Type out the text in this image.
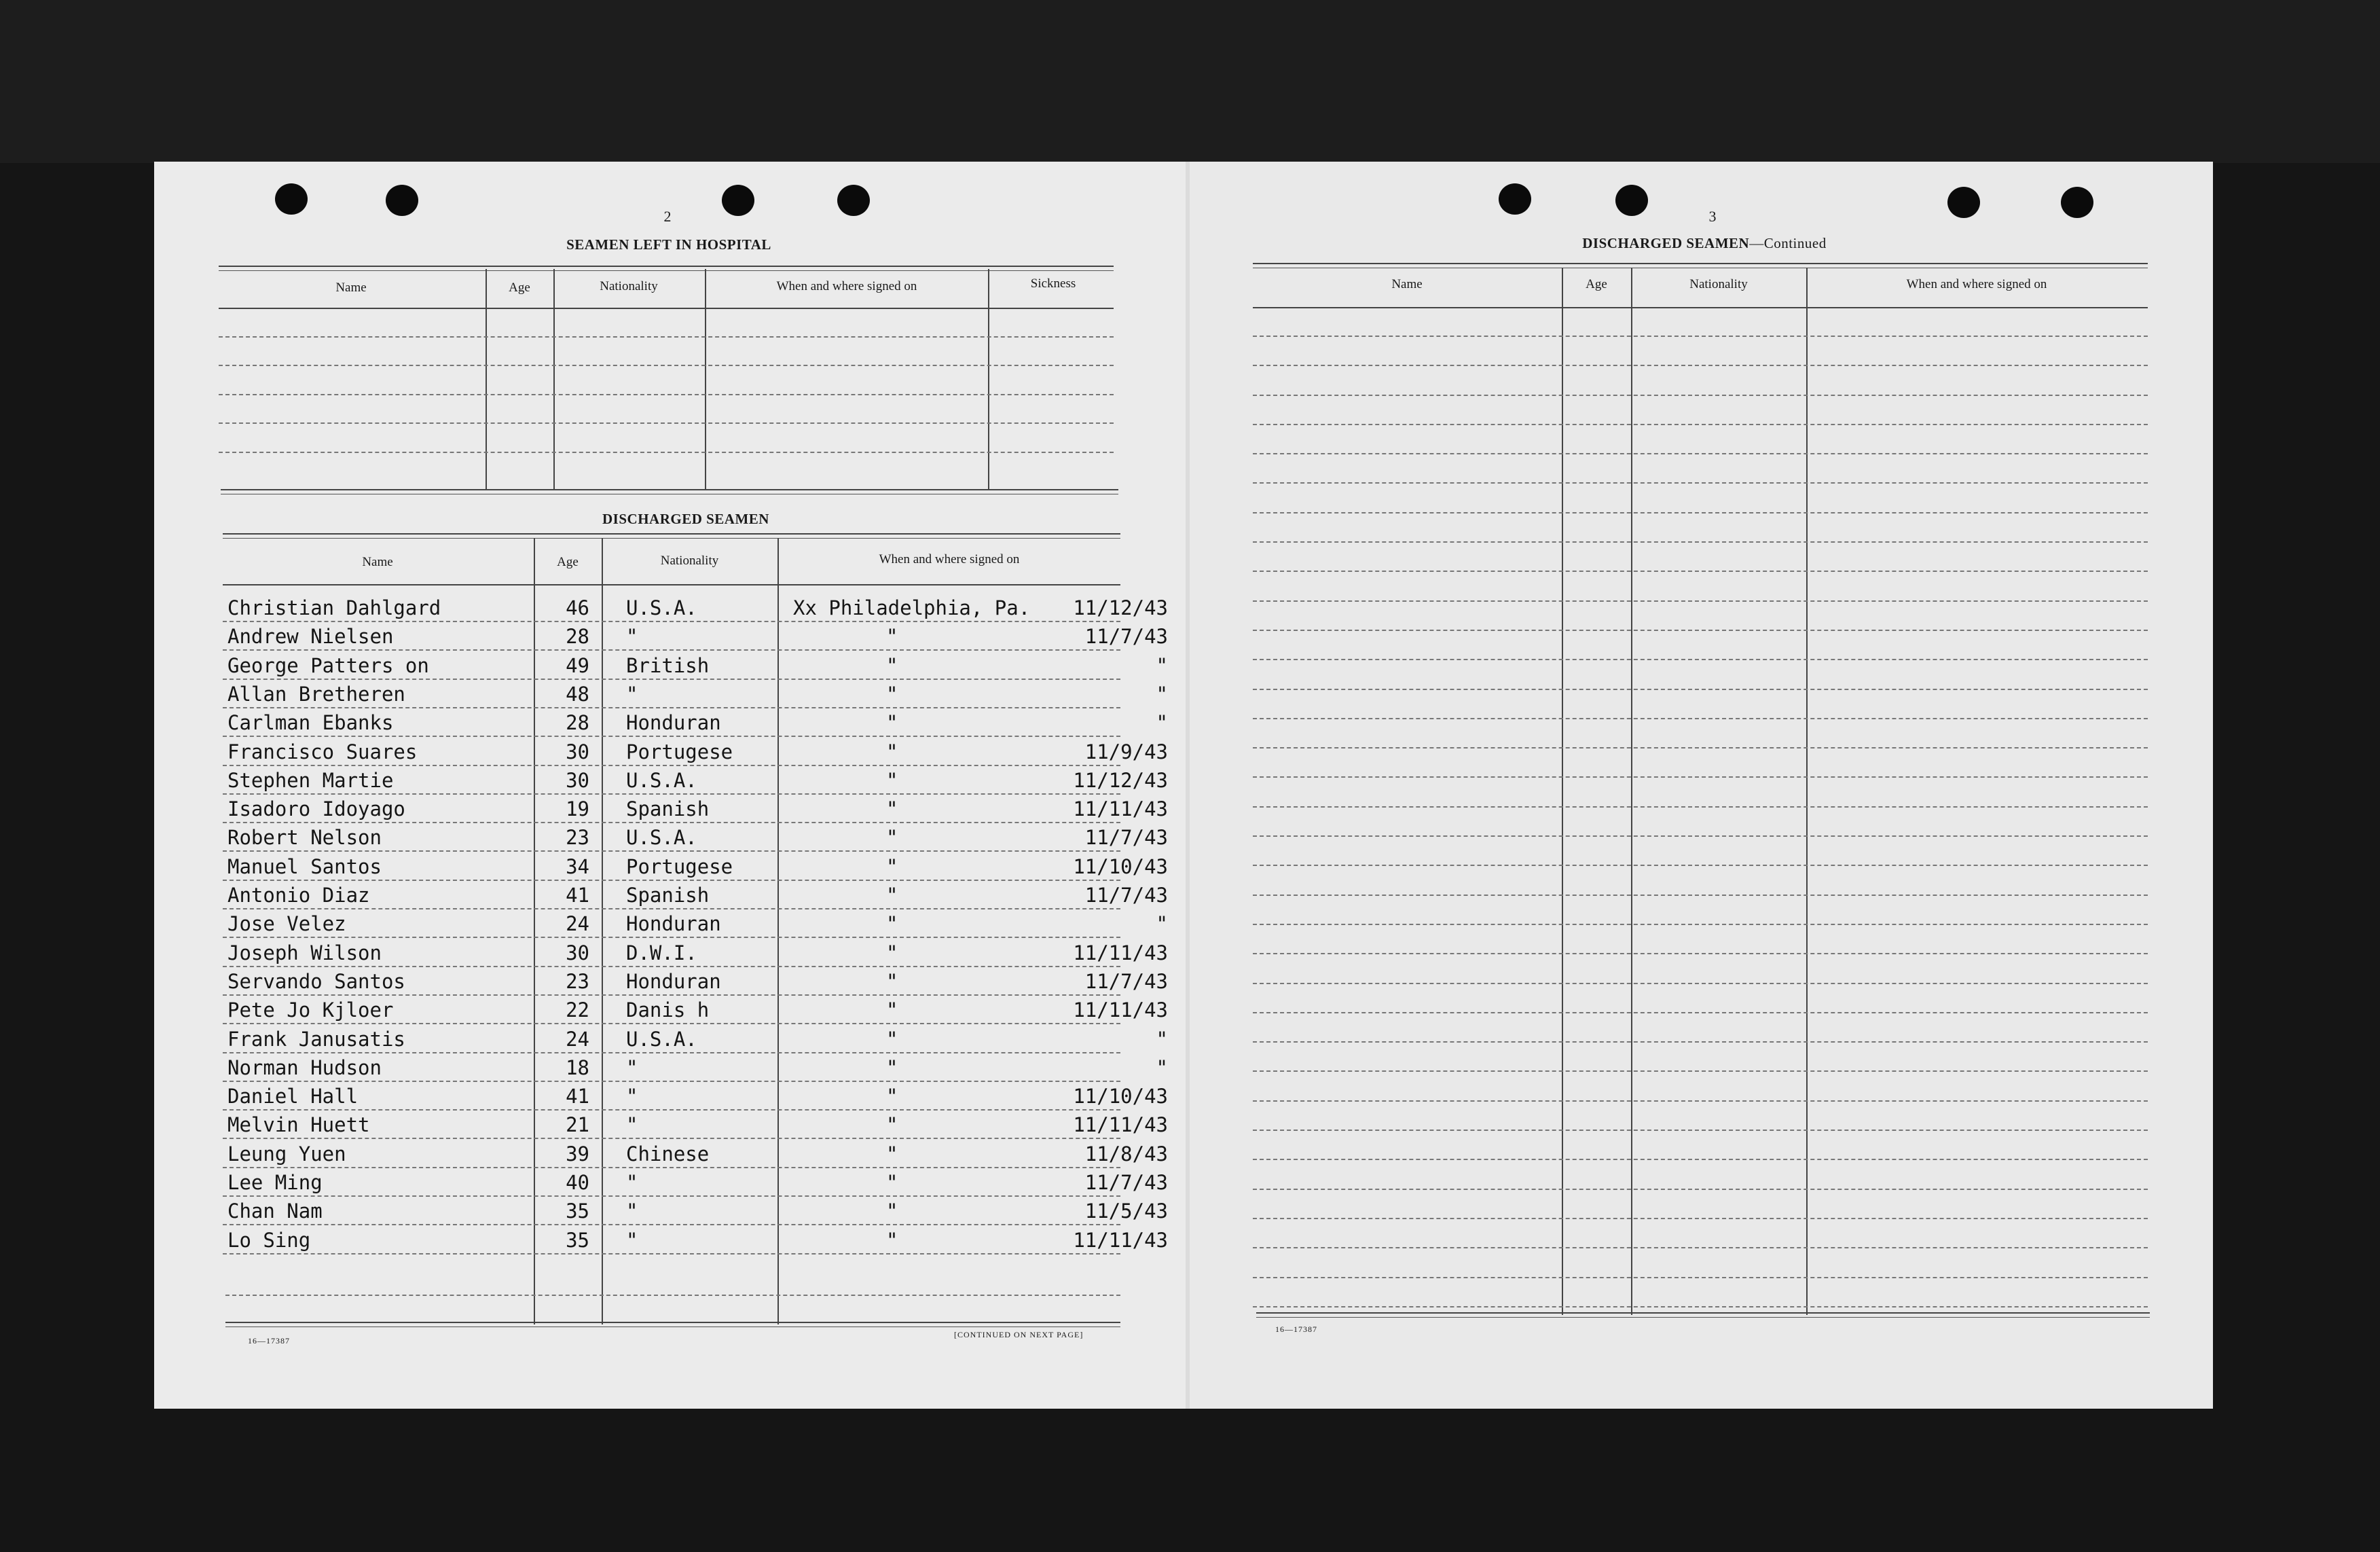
2
SEAMEN LEFT IN HOSPITAL
Name	Age	Nationality	When and where signed on	Sickness
DISCHARGED SEAMEN
Name	Age	Nationality	When and where signed on
Christian Dahlgard	46 U.S.A.	Xx Philadelphia, Pa.	11/12/43
Andrew Nielsen	28 "	"	11/7/43
George Patters on	49 British	"	"
Allan Bretheren	48 "	"	"
Carlman Ebanks	28 Honduran	"	"
Francisco Suares	30 Portugese	"	11/9/43
Stephen Martie	30 U.S.A.	"	11/12/43
Isadoro Idoyago	19 Spanish	"	11/11/43
Robert Nelson	23 U.S.A.	"	11/7/43
Manuel Santos	34 Portugese	"	11/10/43
Antonio Diaz	41 Spanish	"	11/7/43
Jose Velez	24 Honduran	"	"
Joseph Wilson	30 D.W.I.	"	11/11/43
Servando Santos	23 Honduran	"	11/7/43
Pete Jo Kjloer	22 Danis h	"	11/11/43
Frank Janusatis	24 U.S.A.	"	"
Norman Hudson	18 "	"	"
Daniel Hall	41 "	"	11/10/43
Melvin Huett	21 "	"	11/11/43
Leung Yuen	39 Chinese	"	11/8/43
Lee Ming	40 "	"	11/7/43
Chan Nam	35 "	"	11/5/43
Lo Sing	35 "	"	11/11/43
16—17387
[CONTINUED ON NEXT PAGE]
3
DISCHARGED SEAMEN—Continued
Name	Age	Nationality	When and where signed on
16—17387
